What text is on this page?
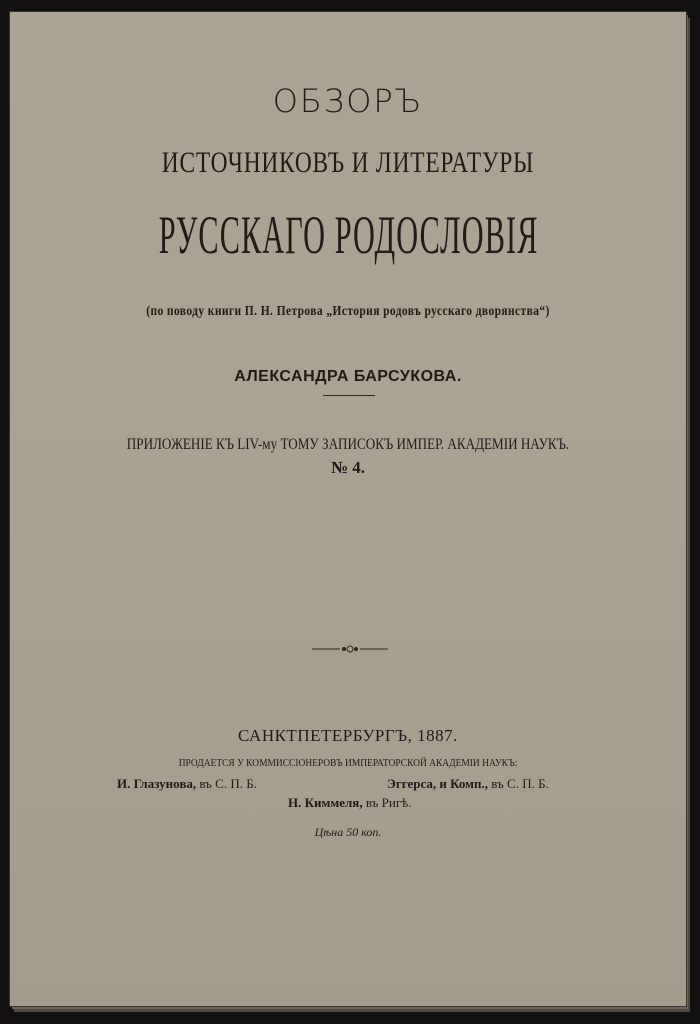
ОБЗОРЪ
ИСТОЧНИКОВЪ И ЛИТЕРАТУРЫ
РУССКАГО РОДОСЛОВІЯ
(по поводу книги П. Н. Петрова „История родовъ русскаго дворянства“)
АЛЕКСАНДРА БАРСУКОВА.
ПРИЛОЖЕНІЕ КЪ LIV-му ТОМУ ЗАПИСОКЪ ИМПЕР. АКАДЕМІИ НАУКЪ.
№ 4.
САНКТПЕТЕРБУРГЪ, 1887.
ПРОДАЕТСЯ У КОММИССІОНЕРОВЪ ИМПЕРАТОРСКОЙ АКАДЕМІИ НАУКЪ:
И. Глазунова, въ С. П. Б.	Эггерса, и Комп., въ С. П. Б.
Н. Киммеля, въ Ригѣ.
Цѣна 50 коп.
